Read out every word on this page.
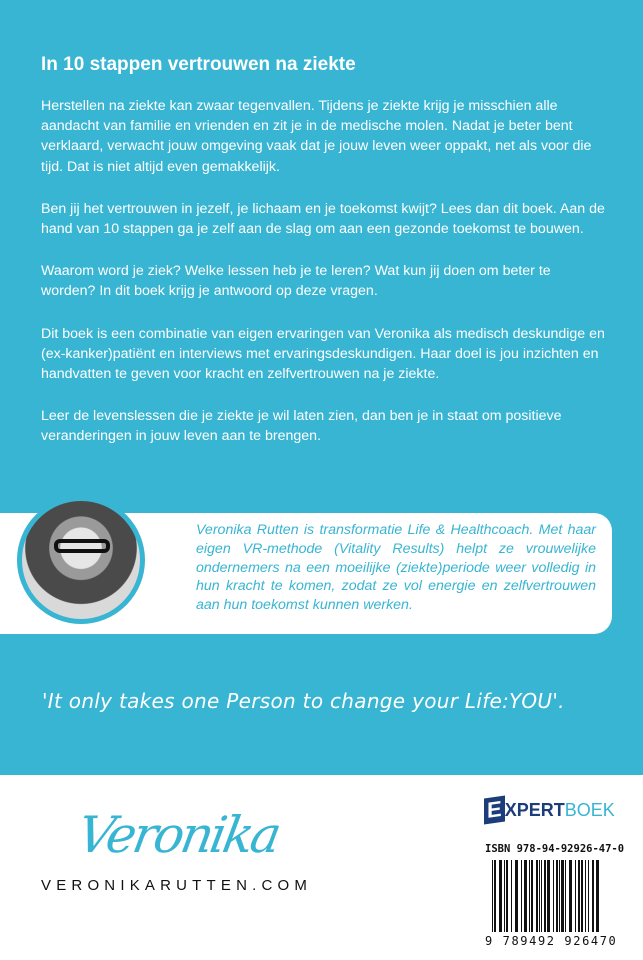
In 10 stappen vertrouwen na ziekte

Herstellen na ziekte kan zwaar tegenvallen. Tijdens je ziekte krijg je misschien alle aandacht van familie en vrienden en zit je in de medische molen. Nadat je beter bent verklaard, verwacht jouw omgeving vaak dat je jouw leven weer oppakt, net als voor die tijd. Dat is niet altijd even gemakkelijk.

Ben jij het vertrouwen in jezelf, je lichaam en je toekomst kwijt? Lees dan dit boek. Aan de hand van 10 stappen ga je zelf aan de slag om aan een gezonde toekomst te bouwen.

Waarom word je ziek? Welke lessen heb je te leren? Wat kun jij doen om beter te worden? In dit boek krijg je antwoord op deze vragen.

Dit boek is een combinatie van eigen ervaringen van Veronika als medisch deskundige en (ex-kanker)patiënt en interviews met ervaringsdeskundigen. Haar doel is jou inzichten en handvatten te geven voor kracht en zelfvertrouwen na je ziekte.

Leer de levenslessen die je ziekte je wil laten zien, dan ben je in staat om positieve veranderingen in jouw leven aan te brengen.

Veronika Rutten is transformatie Life & Healthcoach. Met haar eigen VR-methode (Vitality Results) helpt ze vrouwelijke ondernemers na een moeilijke (ziekte)periode weer volledig in hun kracht te komen, zodat ze vol energie en zelfvertrouwen aan hun toekomst kunnen werken.
'It only takes one Person to change your Life:YOU'.
Veronika
VERONIKARUTTEN.COM
E XPERT BOEK
ISBN 978-94-92926-47-0
9 789492 926470
